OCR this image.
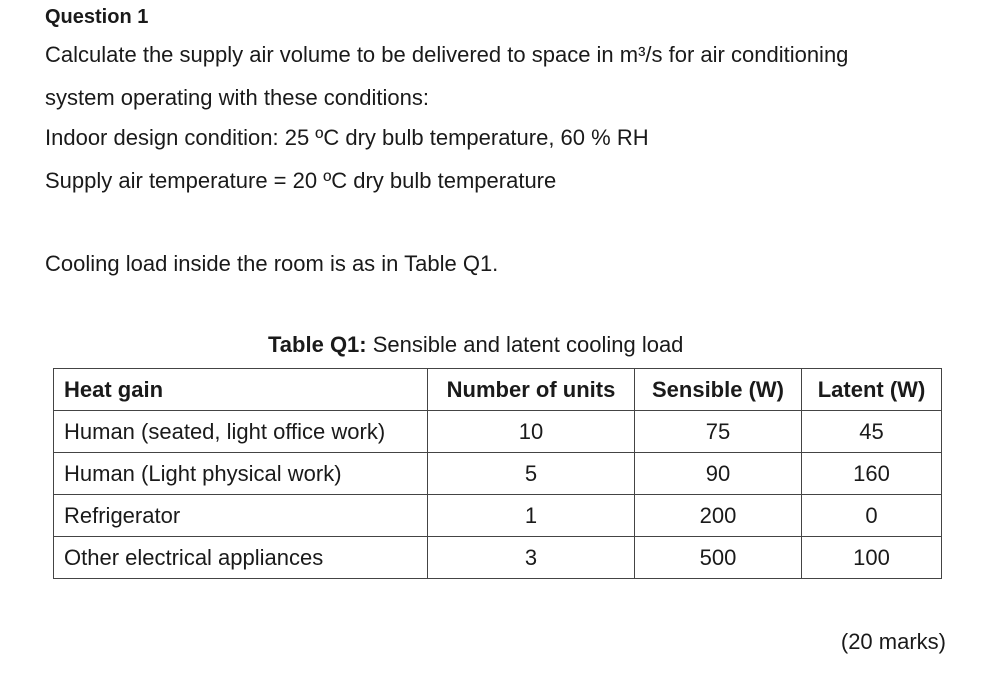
Question 1
Calculate the supply air volume to be delivered to space in m³/s for air conditioning
system operating with these conditions:
Indoor design condition: 25 ºC dry bulb temperature, 60 % RH
Supply air temperature = 20 ºC dry bulb temperature
Cooling load inside the room is as in Table Q1.
Table Q1: Sensible and latent cooling load
Heat gain	Number of units	Sensible (W)	Latent (W)
Human (seated, light office work)	10	75	45
Human (Light physical work)	5	90	160
Refrigerator	1	200	0
Other electrical appliances	3	500	100
(20 marks)
